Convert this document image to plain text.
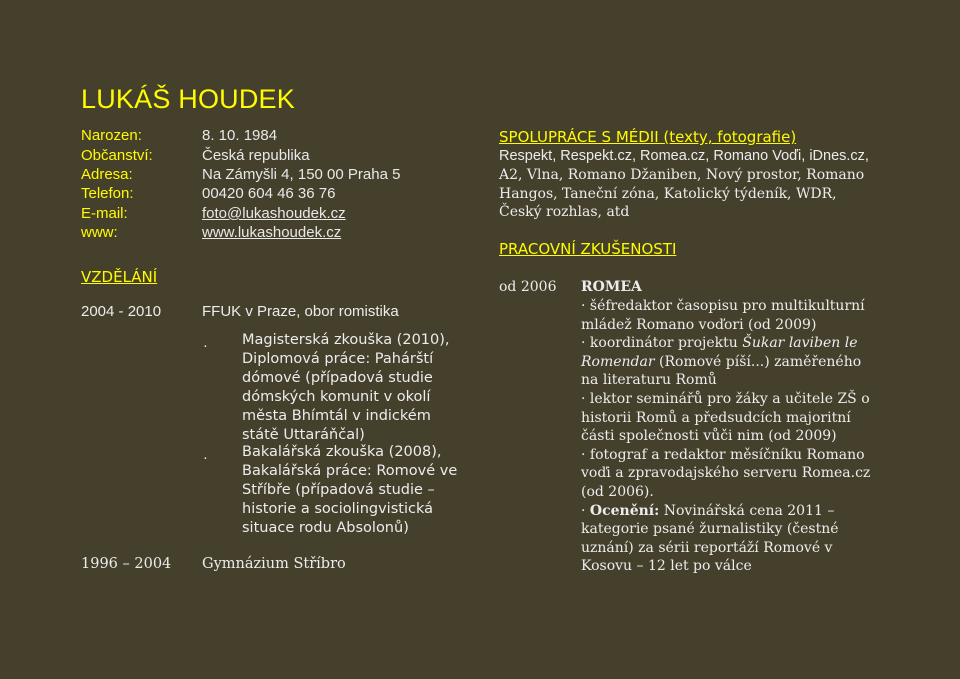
LUKÁŠ HOUDEK
Narozen:	8. 10. 1984
Občanství:	Česká republika
Adresa:	Na Zámyšli 4, 150 00 Praha 5
Telefon:	00420 604 46 36 76
E-mail:	foto@lukashoudek.cz
www:	www.lukashoudek.cz
VZDĚLÁNÍ
2004 - 2010	FFUK v Praze, obor romistika
· Magisterská zkouška (2010), Diplomová práce: Pahárští dómové (případová studie dómských komunit v okolí města Bhímtál v indickém státě Uttaráňčal)
· Bakalářská zkouška (2008), Bakalářská práce: Romové ve Stříbře (případová studie – historie a sociolingvistická situace rodu Absolonů)
1996 – 2004 Gymnázium Stříbro
SPOLUPRÁCE S MÉDII (texty, fotografie)
Respekt, Respekt.cz, Romea.cz, Romano Voďi, iDnes.cz,
A2, Vlna, Romano Džaniben, Nový prostor, Romano Hangos, Taneční zóna, Katolický týdeník, WDR, Český rozhlas, atd
PRACOVNÍ ZKUŠENOSTI
od 2006 ROMEA
· šéfredaktor časopisu pro multikulturní mládež Romano voďori (od 2009)
· koordinátor projektu Šukar laviben le Romendar (Romové píší...) zaměřeného na literaturu Romů
· lektor seminářů pro žáky a učitele ZŠ o historii Romů a předsudcích majoritní části společnosti vůči nim (od 2009)
· fotograf a redaktor měsíčníku Romano voďi a zpravodajského serveru Romea.cz (od 2006).
· Ocenění: Novinářská cena 2011 – kategorie psané žurnalistiky (čestné uznání) za sérii reportáží Romové v Kosovu – 12 let po válce
